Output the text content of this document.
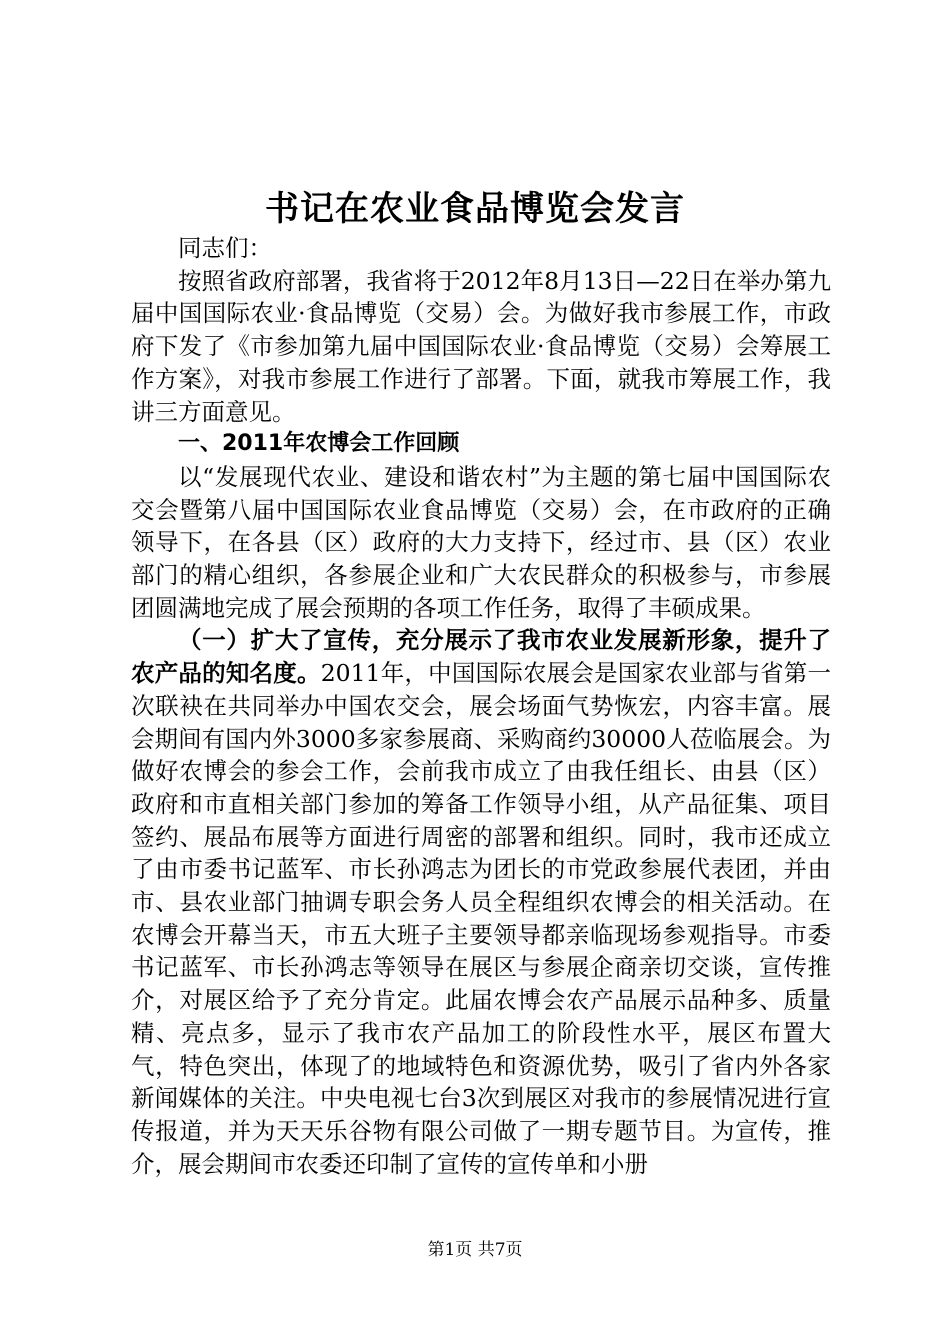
书记在农业食品博览会发言

同志们：

按照省政府部署，我省将于2012年8月13日—22日在举办第九届中国国际农业·食品博览（交易）会。为做好我市参展工作，市政府下发了《市参加第九届中国国际农业·食品博览（交易）会筹展工作方案》，对我市参展工作进行了部署。下面，就我市筹展工作，我讲三方面意见。

一、2011年农博会工作回顾

以“发展现代农业、建设和谐农村”为主题的第七届中国国际农交会暨第八届中国国际农业食品博览（交易）会，在市政府的正确领导下，在各县（区）政府的大力支持下，经过市、县（区）农业部门的精心组织，各参展企业和广大农民群众的积极参与，市参展团圆满地完成了展会预期的各项工作任务，取得了丰硕成果。

（一）扩大了宣传，充分展示了我市农业发展新形象，提升了农产品的知名度。2011年，中国国际农展会是国家农业部与省第一次联袂在共同举办中国农交会，展会场面气势恢宏，内容丰富。展会期间有国内外3000多家参展商、采购商约30000人莅临展会。为做好农博会的参会工作，会前我市成立了由我任组长、由县（区）政府和市直相关部门参加的筹备工作领导小组，从产品征集、项目签约、展品布展等方面进行周密的部署和组织。同时，我市还成立了由市委书记蓝军、市长孙鸿志为团长的市党政参展代表团，并由市、县农业部门抽调专职会务人员全程组织农博会的相关活动。在农博会开幕当天，市五大班子主要领导都亲临现场参观指导。市委书记蓝军、市长孙鸿志等领导在展区与参展企商亲切交谈，宣传推介，对展区给予了充分肯定。此届农博会农产品展示品种多、质量精、亮点多，显示了我市农产品加工的阶段性水平，展区布置大气，特色突出，体现了的地域特色和资源优势，吸引了省内外各家新闻媒体的关注。中央电视七台3次到展区对我市的参展情况进行宣传报道，并为天天乐谷物有限公司做了一期专题节目。为宣传，推介，展会期间市农委还印制了宣传的宣传单和小册

第1页 共7页
